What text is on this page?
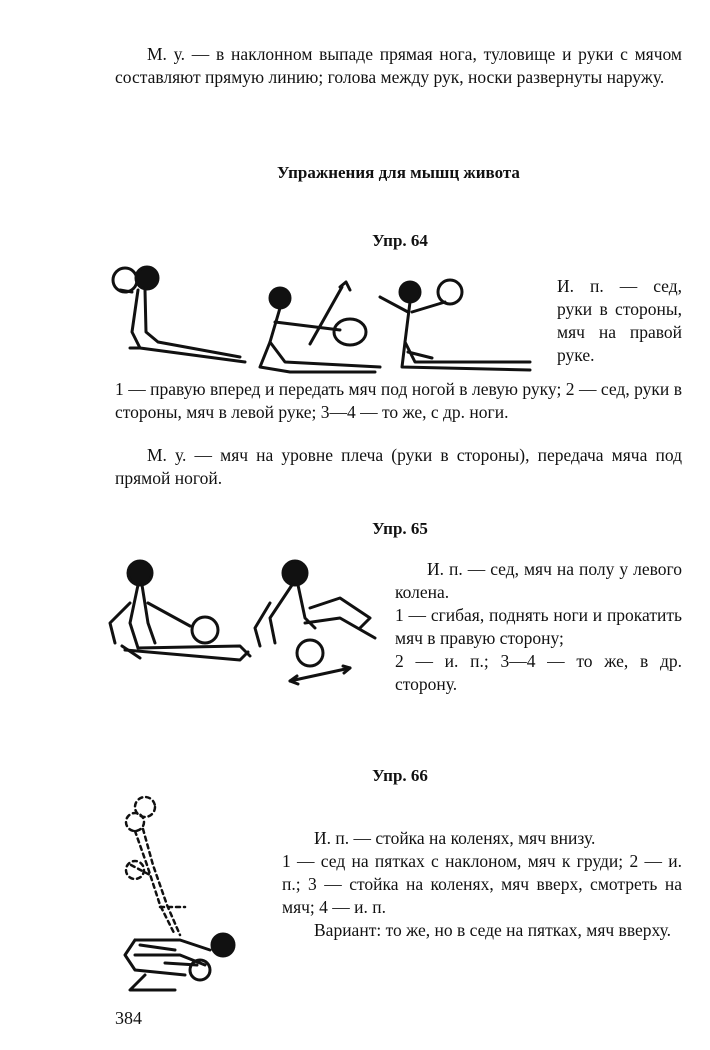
М. у. — в наклонном выпаде прямая нога, туловище и руки с мячом составляют прямую линию; голова между рук, носки развернуты наружу.

Упражнения для мышц живота

Упр. 64

И. п. — сед, руки в стороны, мяч на правой руке.

1 — правую вперед и передать мяч под ногой в левую руку; 2 — сед, руки в стороны, мяч в левой руке; 3—4 — то же, с др. ноги.

М. у. — мяч на уровне плеча (руки в стороны), передача мяча под прямой ногой.

Упр. 65

И. п. — сед, мяч на полу у левого колена.

1 — сгибая, поднять ноги и прокатить мяч в правую сторону;

2 — и. п.; 3—4 — то же, в др. сторону.

Упр. 66

И. п. — стойка на коленях, мяч внизу.

1 — сед на пятках с наклоном, мяч к груди; 2 — и. п.; 3 — стойка на коленях, мяч вверх, смотреть на мяч; 4 — и. п.

Вариант: то же, но в седе на пятках, мяч вверху.

384
